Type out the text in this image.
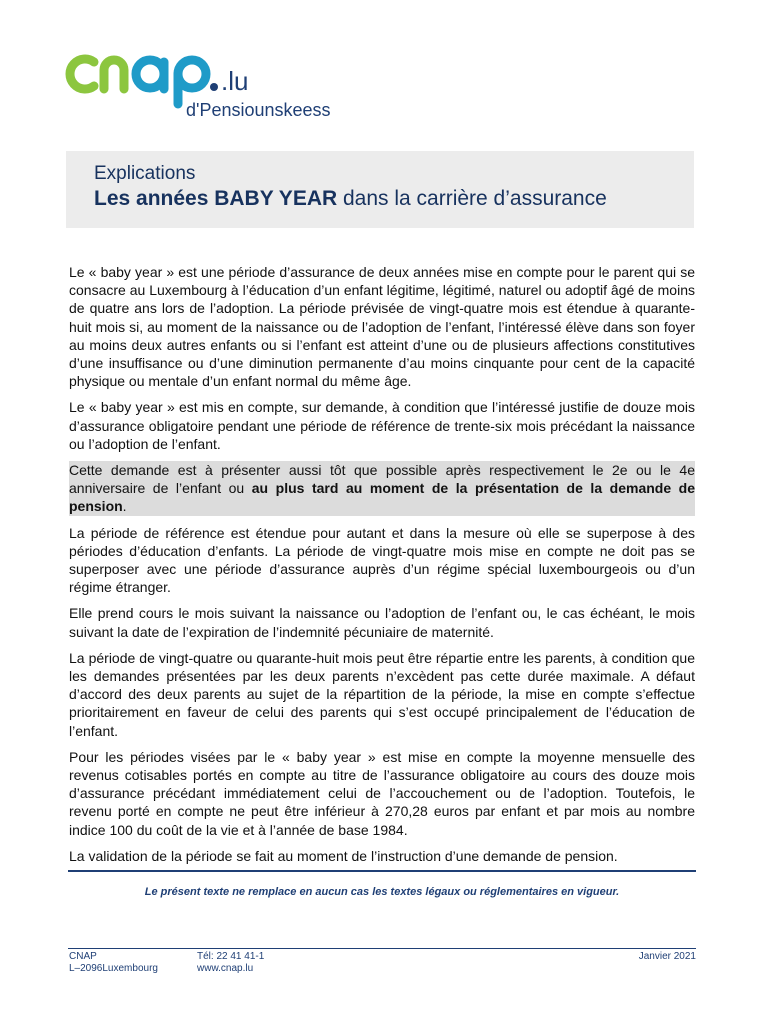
.lu
d'Pensiounskeess
Explications
Les années BABY YEAR dans la carrière d’assurance

Le « baby year » est une période d’assurance de deux années mise en compte pour le parent qui se consacre au Luxembourg à l’éducation d’un enfant légitime, légitimé, naturel ou adoptif âgé de moins de quatre ans lors de l’adoption. La période prévisée de vingt-quatre mois est étendue à quarante-huit mois si, au moment de la naissance ou de l’adoption de l’enfant, l’intéressé élève dans son foyer au moins deux autres enfants ou si l’enfant est atteint d’une ou de plusieurs affections constitutives d’une insuffisance ou d’une diminution permanente d’au moins cinquante pour cent de la capacité physique ou mentale d’un enfant normal du même âge.

Le « baby year » est mis en compte, sur demande, à condition que l’intéressé justifie de douze mois d’assurance obligatoire pendant une période de référence de trente-six mois précédant la naissance ou l’adoption de l’enfant.

Cette demande est à présenter aussi tôt que possible après respectivement le 2e ou le 4e anniversaire de l’enfant ou au plus tard au moment de la présentation de la demande de pension.

La période de référence est étendue pour autant et dans la mesure où elle se superpose à des périodes d’éducation d’enfants. La période de vingt-quatre mois mise en compte ne doit pas se superposer avec une période d’assurance auprès d’un régime spécial luxembourgeois ou d’un régime étranger.

Elle prend cours le mois suivant la naissance ou l’adoption de l’enfant ou, le cas échéant, le mois suivant la date de l’expiration de l’indemnité pécuniaire de maternité.

La période de vingt-quatre ou quarante-huit mois peut être répartie entre les parents, à condition que les demandes présentées par les deux parents n’excèdent pas cette durée maximale. A défaut d’accord des deux parents au sujet de la répartition de la période, la mise en compte s’effectue prioritairement en faveur de celui des parents qui s’est occupé principalement de l’éducation de l’enfant.

Pour les périodes visées par le « baby year » est mise en compte la moyenne mensuelle des revenus cotisables portés en compte au titre de l’assurance obligatoire au cours des douze mois d’assurance précédant immédiatement celui de l’accouchement ou de l’adoption. Toutefois, le revenu porté en compte ne peut être inférieur à 270,28 euros par enfant et par mois au nombre indice 100 du coût de la vie et à l’année de base 1984.

La validation de la période se fait au moment de l’instruction d’une demande de pension.

Le présent texte ne remplace en aucun cas les textes légaux ou réglementaires en vigueur.
CNAP
L–2096Luxembourg
Tél: 22 41 41-1
www.cnap.lu
Janvier 2021
